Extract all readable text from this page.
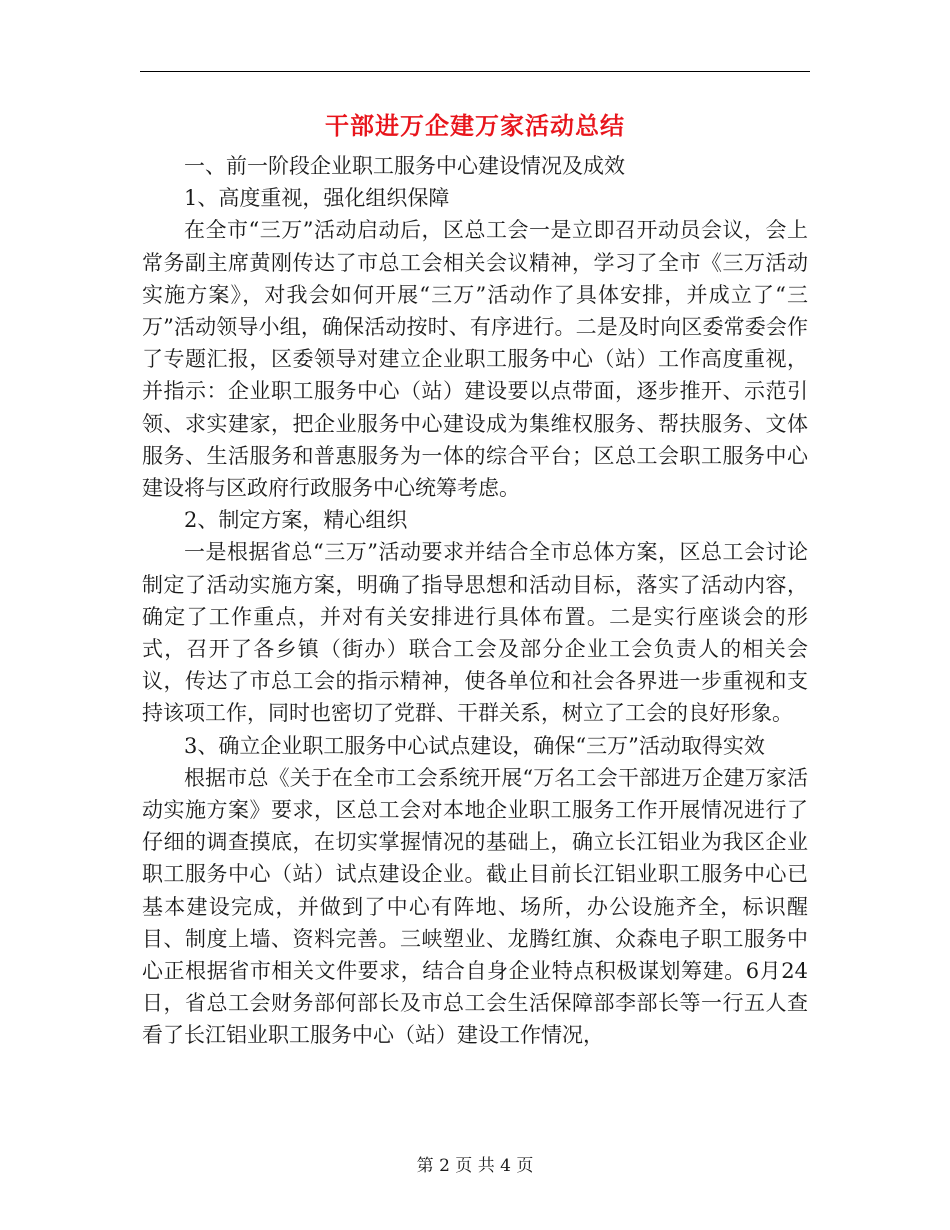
干部进万企建万家活动总结

一、前一阶段企业职工服务中心建设情况及成效

1、高度重视，强化组织保障

在全市“三万”活动启动后，区总工会一是立即召开动员会议，会上常务副主席黄刚传达了市总工会相关会议精神，学习了全市《三万活动实施方案》，对我会如何开展“三万”活动作了具体安排，并成立了“三万”活动领导小组，确保活动按时、有序进行。二是及时向区委常委会作了专题汇报，区委领导对建立企业职工服务中心（站）工作高度重视，并指示：企业职工服务中心（站）建设要以点带面，逐步推开、示范引领、求实建家，把企业服务中心建设成为集维权服务、帮扶服务、文体服务、生活服务和普惠服务为一体的综合平台；区总工会职工服务中心建设将与区政府行政服务中心统筹考虑。

2、制定方案，精心组织

一是根据省总“三万”活动要求并结合全市总体方案，区总工会讨论制定了活动实施方案，明确了指导思想和活动目标，落实了活动内容，确定了工作重点，并对有关安排进行具体布置。二是实行座谈会的形式，召开了各乡镇（街办）联合工会及部分企业工会负责人的相关会议，传达了市总工会的指示精神，使各单位和社会各界进一步重视和支持该项工作，同时也密切了党群、干群关系，树立了工会的良好形象。

3、确立企业职工服务中心试点建设，确保“三万”活动取得实效

根据市总《关于在全市工会系统开展“万名工会干部进万企建万家活动实施方案》要求，区总工会对本地企业职工服务工作开展情况进行了仔细的调查摸底，在切实掌握情况的基础上，确立长江铝业为我区企业职工服务中心（站）试点建设企业。截止目前长江铝业职工服务中心已基本建设完成，并做到了中心有阵地、场所，办公设施齐全，标识醒目、制度上墙、资料完善。三峡塑业、龙腾红旗、众森电子职工服务中心正根据省市相关文件要求，结合自身企业特点积极谋划筹建。6月24日，省总工会财务部何部长及市总工会生活保障部李部长等一行五人查看了长江铝业职工服务中心（站）建设工作情况，

第 2 页 共 4 页
